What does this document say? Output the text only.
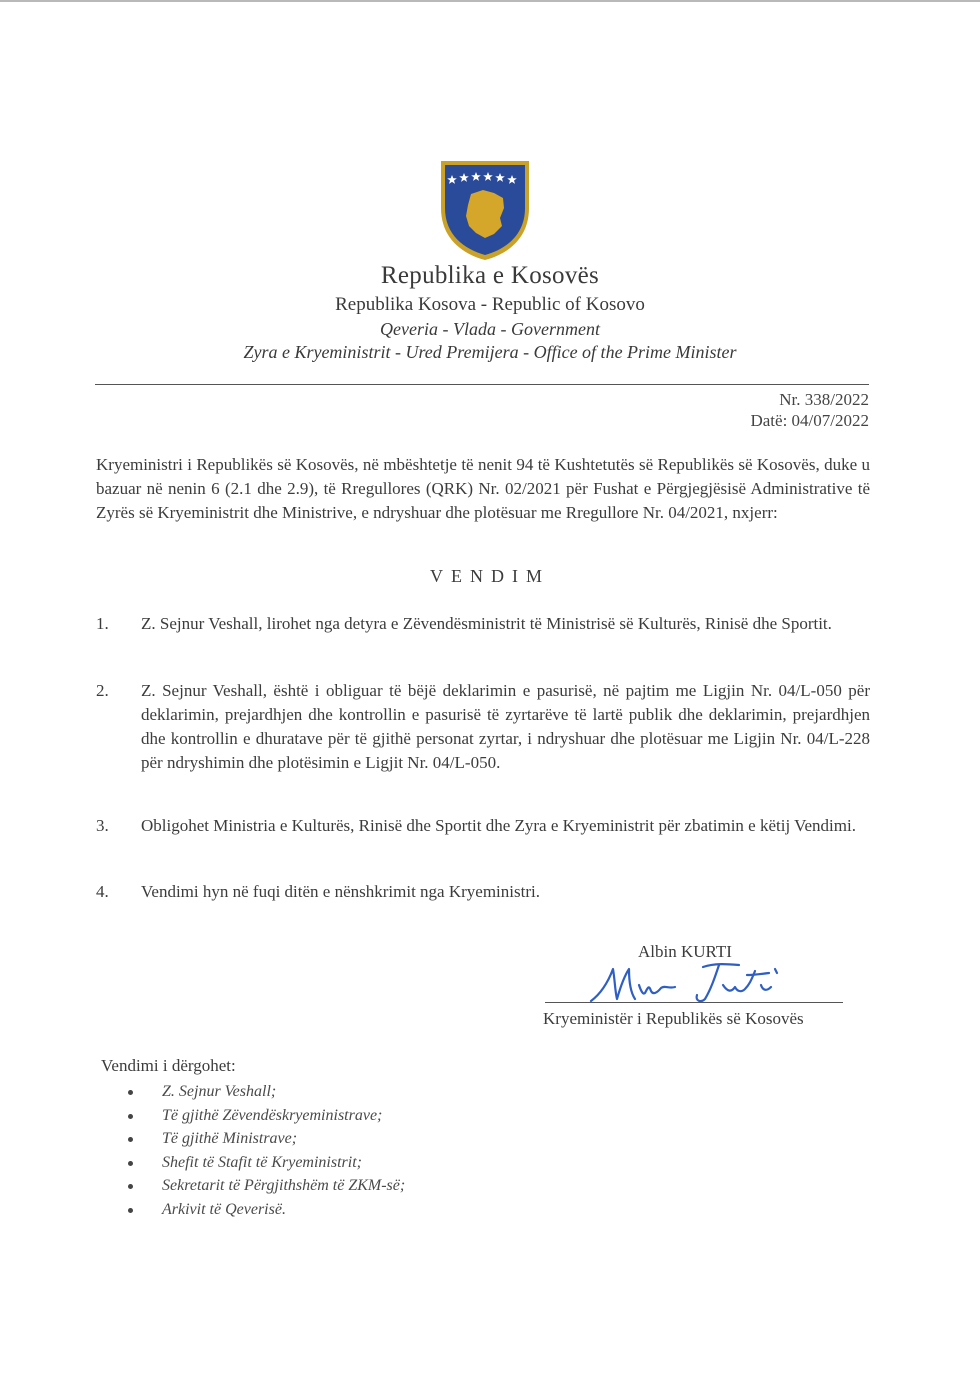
Republika e Kosovës
Republika Kosova - Republic of Kosovo
Qeveria - Vlada - Government
Zyra e Kryeministrit - Ured Premijera - Office of the Prime Minister
Nr. 338/2022
Datë: 04/07/2022
Kryeministri i Republikës së Kosovës, në mbështetje të nenit 94 të Kushtetutës së Republikës së Kosovës, duke u bazuar në nenin 6 (2.1 dhe 2.9), të Rregullores (QRK) Nr. 02/2021 për Fushat e Përgjegjësisë Administrative të Zyrës së Kryeministrit dhe Ministrive, e ndryshuar dhe plotësuar me Rregullore Nr. 04/2021, nxjerr:
VENDIM
1.	Z. Sejnur Veshall, lirohet nga detyra e Zëvendësministrit të Ministrisë së Kulturës, Rinisë dhe Sportit.
2.	Z. Sejnur Veshall, është i obliguar të bëjë deklarimin e pasurisë, në pajtim me Ligjin Nr. 04/L-050 për deklarimin, prejardhjen dhe kontrollin e pasurisë të zyrtarëve të lartë publik dhe deklarimin, prejardhjen dhe kontrollin e dhuratave për të gjithë personat zyrtar, i ndryshuar dhe plotësuar me Ligjin Nr. 04/L-228 për ndryshimin dhe plotësimin e Ligjit Nr. 04/L-050.
3.	Obligohet Ministria e Kulturës, Rinisë dhe Sportit dhe Zyra e Kryeministrit për zbatimin e këtij Vendimi.
4.	Vendimi hyn në fuqi ditën e nënshkrimit nga Kryeministri.
Albin KURTI
Kryeministër i Republikës së Kosovës
Vendimi i dërgohet:
Z. Sejnur Veshall;
Të gjithë Zëvendëskryeministrave;
Të gjithë Ministrave;
Shefit të Stafit të Kryeministrit;
Sekretarit të Përgjithshëm të ZKM-së;
Arkivit të Qeverisë.
